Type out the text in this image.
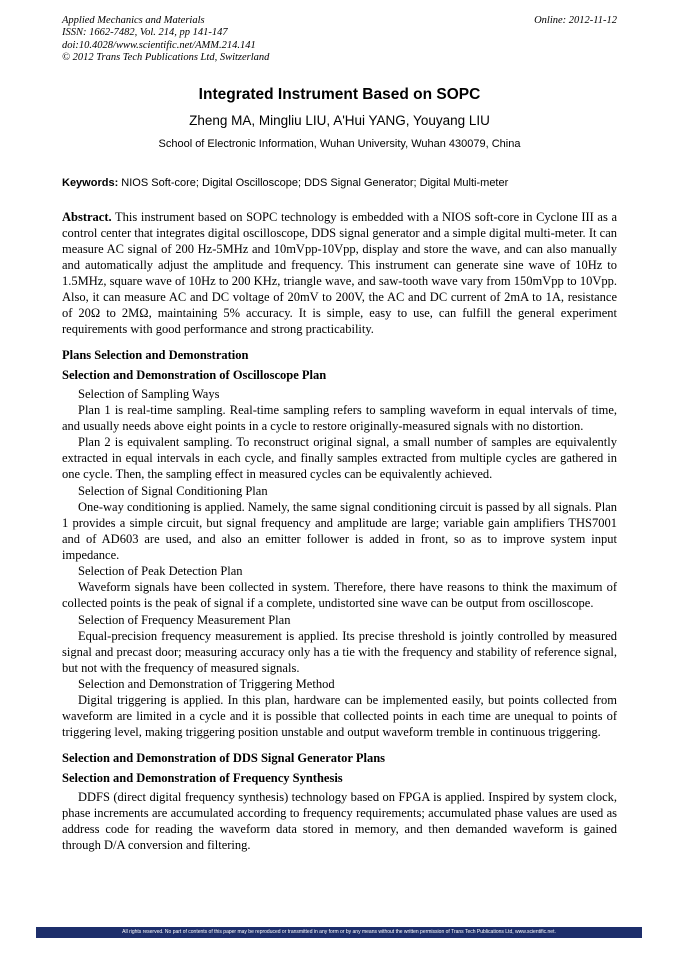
Applied Mechanics and Materials
ISSN: 1662-7482, Vol. 214, pp 141-147
doi:10.4028/www.scientific.net/AMM.214.141
© 2012 Trans Tech Publications Ltd, Switzerland
Online: 2012-11-12
Integrated Instrument Based on SOPC
Zheng MA, Mingliu LIU, A'Hui YANG, Youyang LIU
School of Electronic Information, Wuhan University, Wuhan 430079, China
Keywords: NIOS Soft-core; Digital Oscilloscope; DDS Signal Generator; Digital Multi-meter
Abstract. This instrument based on SOPC technology is embedded with a NIOS soft-core in Cyclone III as a control center that integrates digital oscilloscope, DDS signal generator and a simple digital multi-meter. It can measure AC signal of 200 Hz-5MHz and 10mVpp-10Vpp, display and store the wave, and can also manually and automatically adjust the amplitude and frequency. This instrument can generate sine wave of 10Hz to 1.5MHz, square wave of 10Hz to 200 KHz, triangle wave, and saw-tooth wave vary from 150mVpp to 10Vpp. Also, it can measure AC and DC voltage of 20mV to 200V, the AC and DC current of 2mA to 1A, resistance of 20Ω to 2MΩ, maintaining 5% accuracy. It is simple, easy to use, can fulfill the general experiment requirements with good performance and strong practicability.
Plans Selection and Demonstration
Selection and Demonstration of Oscilloscope Plan
Selection of Sampling Ways
Plan 1 is real-time sampling. Real-time sampling refers to sampling waveform in equal intervals of time, and usually needs above eight points in a cycle to restore originally-measured signals with no distortion.
Plan 2 is equivalent sampling. To reconstruct original signal, a small number of samples are equivalently extracted in equal intervals in each cycle, and finally samples extracted from multiple cycles are gathered in one cycle. Then, the sampling effect in measured cycles can be equivalently achieved.
Selection of Signal Conditioning Plan
One-way conditioning is applied. Namely, the same signal conditioning circuit is passed by all signals. Plan 1 provides a simple circuit, but signal frequency and amplitude are large; variable gain amplifiers THS7001 and of AD603 are used, and also an emitter follower is added in front, so as to improve system input impedance.
Selection of Peak Detection Plan
Waveform signals have been collected in system. Therefore, there have reasons to think the maximum of collected points is the peak of signal if a complete, undistorted sine wave can be output from oscilloscope.
Selection of Frequency Measurement Plan
Equal-precision frequency measurement is applied. Its precise threshold is jointly controlled by measured signal and precast door; measuring accuracy only has a tie with the frequency and stability of reference signal, but not with the frequency of measured signals.
Selection and Demonstration of Triggering Method
Digital triggering is applied. In this plan, hardware can be implemented easily, but points collected from waveform are limited in a cycle and it is possible that collected points in each time are unequal to points of triggering level, making triggering position unstable and output waveform tremble in continuous triggering.
Selection and Demonstration of DDS Signal Generator Plans
Selection and Demonstration of Frequency Synthesis
DDFS (direct digital frequency synthesis) technology based on FPGA is applied. Inspired by system clock, phase increments are accumulated according to frequency requirements; accumulated phase values are used as address code for reading the waveform data stored in memory, and then demanded waveform is gained through D/A conversion and filtering.
All rights reserved. No part of contents of this paper may be reproduced or transmitted in any form or by any means without the written permission of Trans Tech Publications Ltd, www.scientific.net.
